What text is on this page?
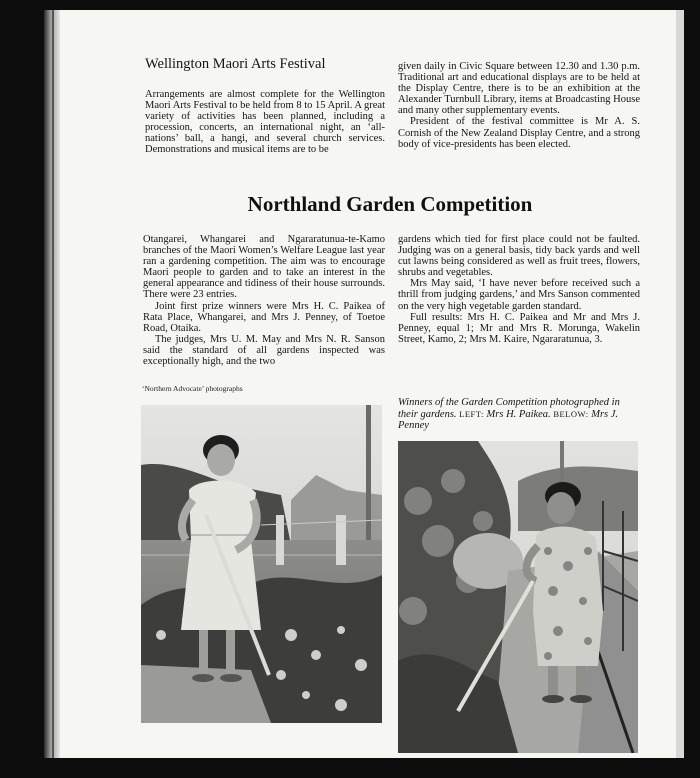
Wellington Maori Arts Festival

Arrangements are almost complete for the Wellington Maori Arts Festival to be held from 8 to 15 April. A great variety of activities has been planned, including a procession, concerts, an international night, an ‘all-nations’ ball, a hangi, and several church services. Demonstrations and musical items are to be

given daily in Civic Square between 12.30 and 1.30 p.m. Traditional art and educational displays are to be held at the Display Centre, there is to be an exhibition at the Alexander Turnbull Library, items at Broadcasting House and many other supplementary events.

President of the festival committee is Mr A. S. Cornish of the New Zealand Display Centre, and a strong body of vice-presidents has been elected.

Northland Garden Competition

Otangarei, Whangarei and Ngararatunua-te-Kamo branches of the Maori Women’s Welfare League last year ran a gardening competition. The aim was to encourage Maori people to garden and to take an interest in the general appearance and tidiness of their house surrounds. There were 23 entries.

Joint first prize winners were Mrs H. C. Paikea of Rata Place, Whangarei, and Mrs J. Penney, of Toetoe Road, Otaika.

The judges, Mrs U. M. May and Mrs N. R. Sanson said the standard of all gardens inspected was exceptionally high, and the two

gardens which tied for first place could not be faulted. Judging was on a general basis, tidy back yards and well cut lawns being considered as well as fruit trees, flowers, shrubs and vegetables.

Mrs May said, ‘I have never before received such a thrill from judging gardens,’ and Mrs Sanson commented on the very high vegetable garden standard.

Full results: Mrs H. C. Paikea and Mr and Mrs J. Penney, equal 1; Mr and Mrs R. Morunga, Wakelin Street, Kamo, 2; Mrs M. Kaire, Ngararatunua, 3.

‘Northern Advocate’ photographs
Winners of the Garden Competition photographed in their gardens. LEFT: Mrs H. Paikea. BELOW: Mrs J. Penney
